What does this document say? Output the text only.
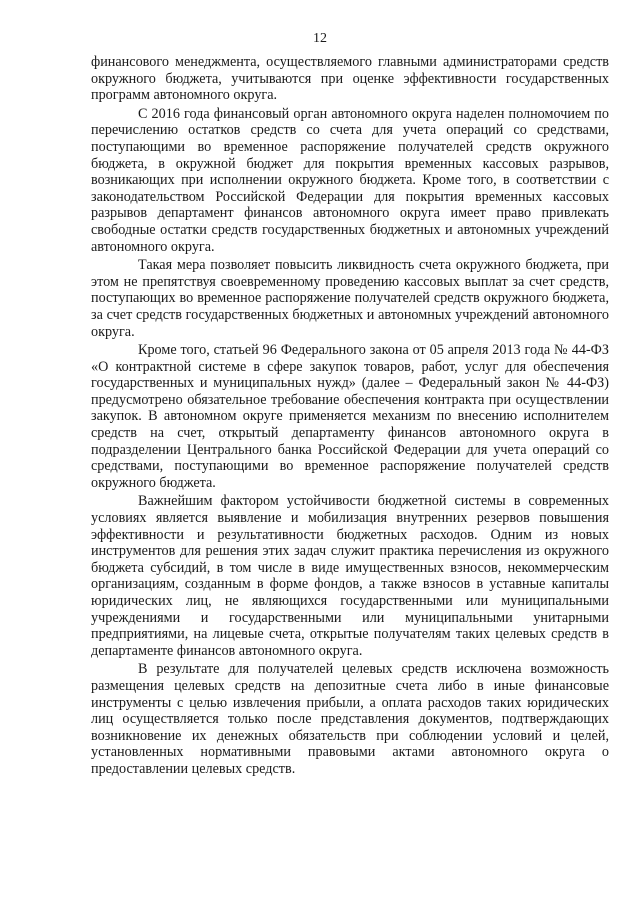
12

финансового менеджмента, осуществляемого главными администраторами средств окружного бюджета, учитываются при оценке эффективности государственных программ автономного округа.

С 2016 года финансовый орган автономного округа наделен полномочием по перечислению остатков средств со счета для учета операций со средствами, поступающими во временное распоряжение получателей средств окружного бюджета, в окружной бюджет для покрытия временных кассовых разрывов, возникающих при исполнении окружного бюджета. Кроме того, в соответствии с законодательством Российской Федерации для покрытия временных кассовых разрывов департамент финансов автономного округа имеет право привлекать свободные остатки средств государственных бюджетных и автономных учреждений автономного округа.

Такая мера позволяет повысить ликвидность счета окружного бюджета, при этом не препятствуя своевременному проведению кассовых выплат за счет средств, поступающих во временное распоряжение получателей средств окружного бюджета, за счет средств государственных бюджетных и автономных учреждений автономного округа.

Кроме того, статьей 96 Федерального закона от 05 апреля 2013 года № 44-ФЗ «О контрактной системе в сфере закупок товаров, работ, услуг для обеспечения государственных и муниципальных нужд» (далее – Федеральный закон № 44-ФЗ) предусмотрено обязательное требование обеспечения контракта при осуществлении закупок. В автономном округе применяется механизм по внесению исполнителем средств на счет, открытый департаменту финансов автономного округа в подразделении Центрального банка Российской Федерации для учета операций со средствами, поступающими во временное распоряжение получателей средств окружного бюджета.

Важнейшим фактором устойчивости бюджетной системы в современных условиях является выявление и мобилизация внутренних резервов повышения эффективности и результативности бюджетных расходов. Одним из новых инструментов для решения этих задач служит практика перечисления из окружного бюджета субсидий, в том числе в виде имущественных взносов, некоммерческим организациям, созданным в форме фондов, а также взносов в уставные капиталы юридических лиц, не являющихся государственными или муниципальными учреждениями и государственными или муниципальными унитарными предприятиями, на лицевые счета, открытые получателям таких целевых средств в департаменте финансов автономного округа.

В результате для получателей целевых средств исключена возможность размещения целевых средств на депозитные счета либо в иные финансовые инструменты с целью извлечения прибыли, а оплата расходов таких юридических лиц осуществляется только после представления документов, подтверждающих возникновение их денежных обязательств при соблюдении условий и целей, установленных нормативными правовыми актами автономного округа о предоставлении целевых средств.
